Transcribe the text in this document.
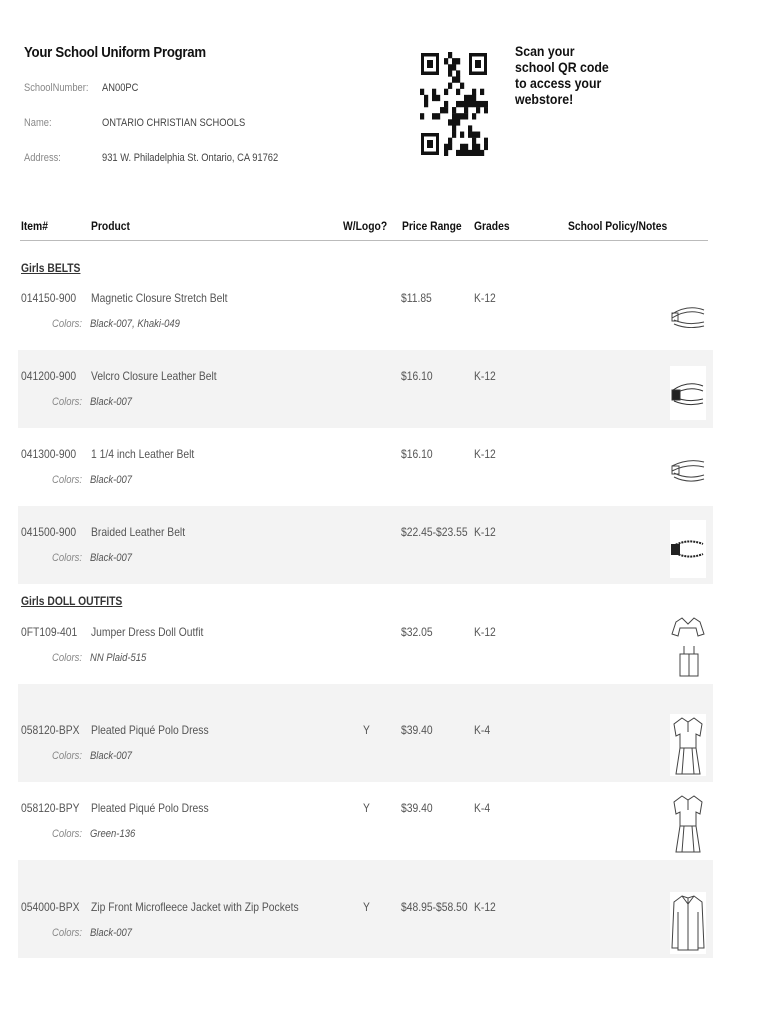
Your School Uniform Program
SchoolNumber: AN00PC
Name:	ONTARIO CHRISTIAN SCHOOLS
Address:	931 W. Philadelphia St. Ontario, CA 91762
Scan your school QR code to access your webstore!
Item#	Product	W/Logo? Price Range Grades	School Policy/Notes
Girls BELTS
014150-900 Magnetic Closure Stretch Belt	$11.85	K-12
Colors: Black-007, Khaki-049
041200-900 Velcro Closure Leather Belt	$16.10	K-12
Colors: Black-007
041300-900 1 1/4 inch Leather Belt	$16.10	K-12
Colors: Black-007
041500-900 Braided Leather Belt	$22.45-$23.55 K-12
Colors: Black-007
Girls DOLL OUTFITS
0FT109-401 Jumper Dress Doll Outfit	$32.05	K-12
Colors: NN Plaid-515
058120-BPX Pleated Piqué Polo Dress	Y	$39.40	K-4
Colors: Black-007
058120-BPY Pleated Piqué Polo Dress	Y	$39.40	K-4
Colors: Green-136
054000-BPX Zip Front Microfleece Jacket with Zip Pockets	Y	$48.95-$58.50 K-12
Colors: Black-007
